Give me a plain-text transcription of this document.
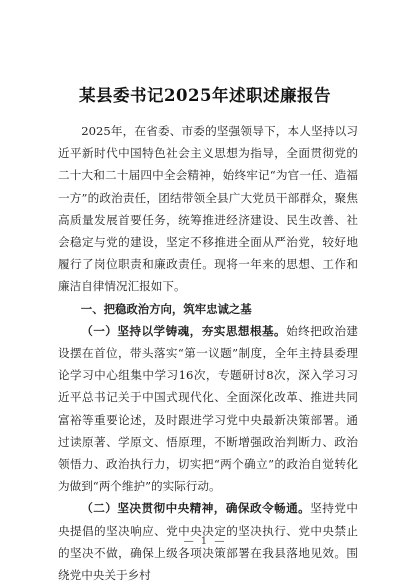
某县委书记2025年述职述廉报告

2025年，在省委、市委的坚强领导下，本人坚持以习近平新时代中国特色社会主义思想为指导，全面贯彻党的二十大和二十届四中全会精神，始终牢记“为官一任、造福一方”的政治责任，团结带领全县广大党员干部群众，聚焦高质量发展首要任务，统筹推进经济建设、民生改善、社会稳定与党的建设，坚定不移推进全面从严治党，较好地履行了岗位职责和廉政责任。现将一年来的思想、工作和廉洁自律情况汇报如下。

一、把稳政治方向，筑牢忠诚之基

（一）坚持以学铸魂，夯实思想根基。始终把政治建设摆在首位，带头落实“第一议题”制度，全年主持县委理论学习中心组集中学习16次，专题研讨8次，深入学习习近平总书记关于中国式现代化、全面深化改革、推进共同富裕等重要论述，及时跟进学习党中央最新决策部署。通过读原著、学原文、悟原理，不断增强政治判断力、政治领悟力、政治执行力，切实把“两个确立”的政治自觉转化为做到“两个维护”的实际行动。

（二）坚决贯彻中央精神，确保政令畅通。坚持党中央提倡的坚决响应、党中央决定的坚决执行、党中央禁止的坚决不做，确保上级各项决策部署在我县落地见效。围绕党中央关于乡村

— 1 —
